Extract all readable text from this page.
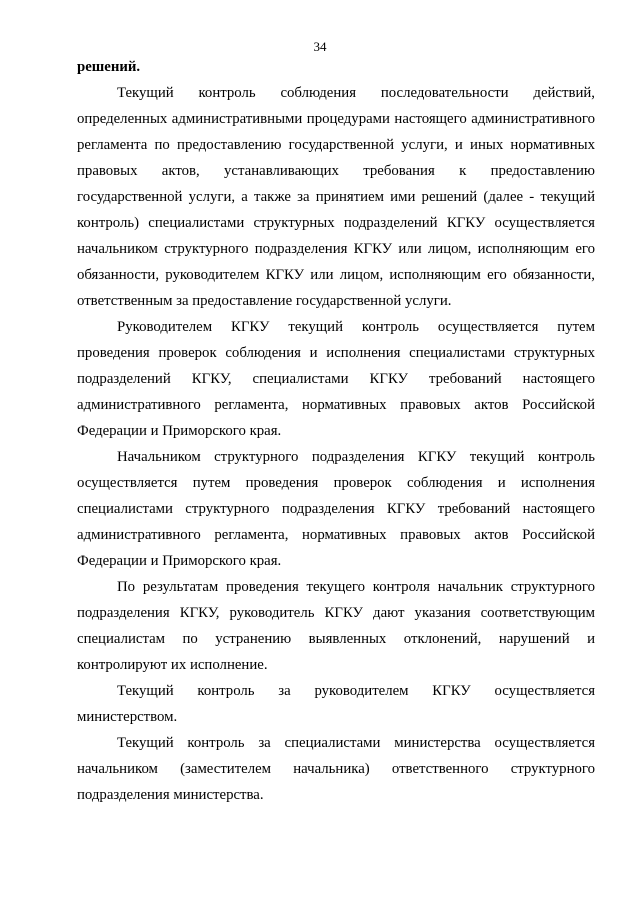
34

решений.

Текущий контроль соблюдения последовательности действий, определенных административными процедурами настоящего административного регламента по предоставлению государственной услуги, и иных нормативных правовых актов, устанавливающих требования к предоставлению государственной услуги, а также за принятием ими решений (далее - текущий контроль) специалистами структурных подразделений КГКУ осуществляется начальником структурного подразделения КГКУ или лицом, исполняющим его обязанности, руководителем КГКУ или лицом, исполняющим его обязанности, ответственным за предоставление государственной услуги.

Руководителем КГКУ текущий контроль осуществляется путем проведения проверок соблюдения и исполнения специалистами структурных подразделений КГКУ, специалистами КГКУ требований настоящего административного регламента, нормативных правовых актов Российской Федерации и Приморского края.

Начальником структурного подразделения КГКУ текущий контроль осуществляется путем проведения проверок соблюдения и исполнения специалистами структурного подразделения КГКУ требований настоящего административного регламента, нормативных правовых актов Российской Федерации и Приморского края.

По результатам проведения текущего контроля начальник структурного подразделения КГКУ, руководитель КГКУ дают указания соответствующим специалистам по устранению выявленных отклонений, нарушений и контролируют их исполнение.

Текущий контроль за руководителем КГКУ осуществляется министерством.

Текущий контроль за специалистами министерства осуществляется начальником (заместителем начальника) ответственного структурного подразделения министерства.
